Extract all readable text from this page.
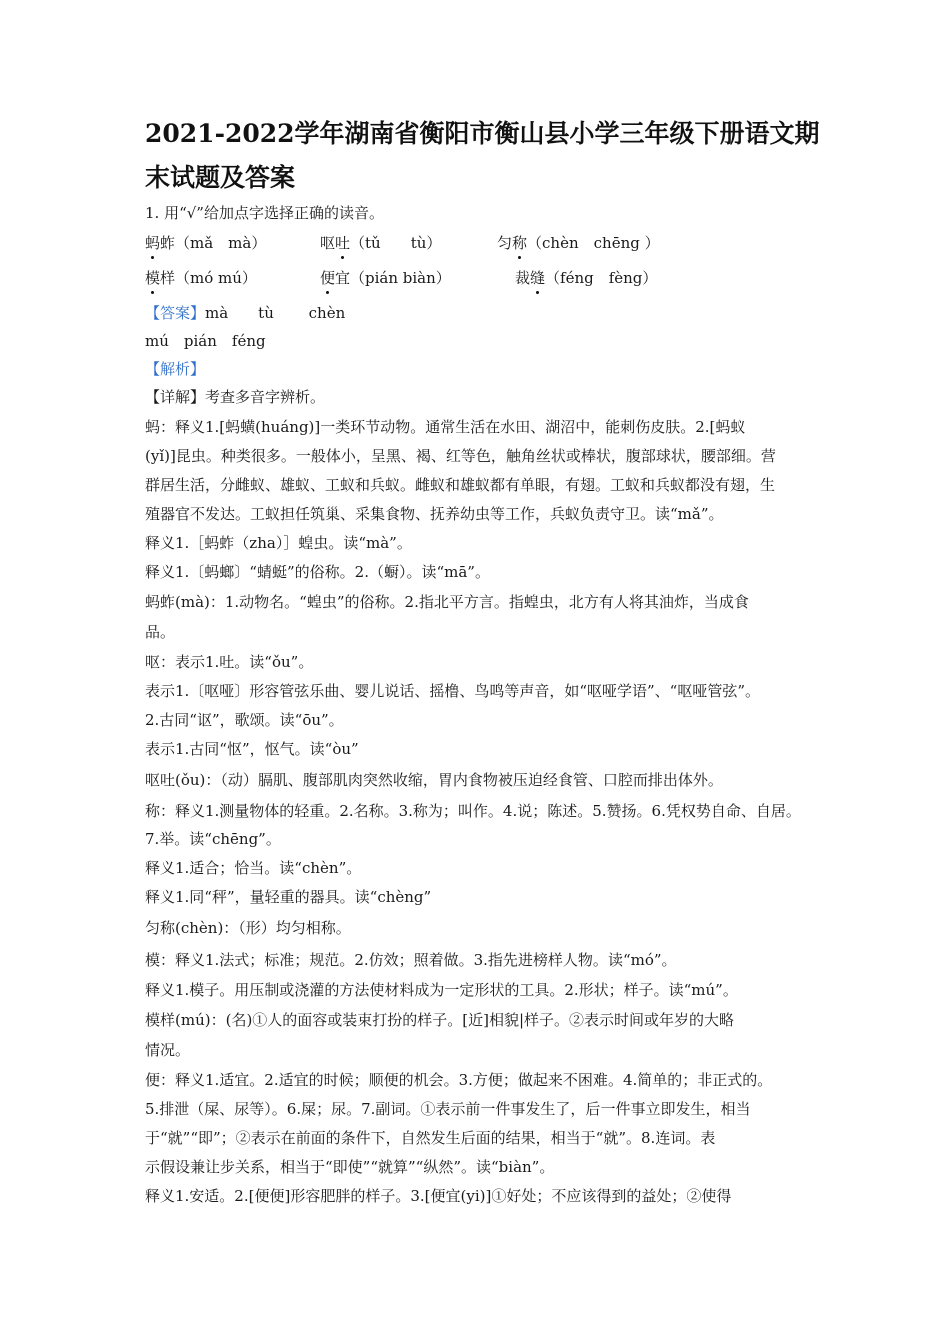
2021-2022学年湖南省衡阳市衡山县小学三年级下册语文期
末试题及答案
1. 用“√”给加点字选择正确的读音。
蚂蚱（mǎ　mà）	呕吐（tǔ　　tù）	匀称（chèn　chēng ）
模样（mó mú）	便宜（pián biàn）	裁缝（féng　fèng）
【答案】mà　　tù　　 chèn
mú　pián　féng
【解析】
【详解】考查多音字辨析。
蚂：释义1.[蚂蟥(huáng)]一类环节动物。通常生活在水田、湖沼中，能刺伤皮肤。2.[蚂蚁
(yǐ)]昆虫。种类很多。一般体小，呈黑、褐、红等色，触角丝状或棒状，腹部球状，腰部细。营
群居生活，分雌蚁、雄蚁、工蚁和兵蚁。雌蚁和雄蚁都有单眼，有翅。工蚁和兵蚁都没有翅，生
殖器官不发达。工蚁担任筑巢、采集食物、抚养幼虫等工作，兵蚁负责守卫。读“mǎ”。
释义1.［蚂蚱（zha）］蝗虫。读“mà”。
释义1.〔蚂螂〕“蜻蜓”的俗称。2.（蟵）。读“mā”。
蚂蚱(mà)：1.动物名。“蝗虫”的俗称。2.指北平方言。指蝗虫，北方有人将其油炸，当成食
品。
呕：表示1.吐。读“ǒu”。
表示1.〔呕哑〕形容管弦乐曲、婴儿说话、摇橹、鸟鸣等声音，如“呕哑学语”、“呕哑管弦”。
2.古同“讴”，歌颂。读“ōu”。
表示1.古同“怄”，怄气。读“òu”
呕吐(ǒu)：（动）膈肌、腹部肌肉突然收缩，胃内食物被压迫经食管、口腔而排出体外。
称：释义1.测量物体的轻重。2.名称。3.称为；叫作。4.说；陈述。5.赞扬。6.凭权势自命、自居。
7.举。读“chēng”。
释义1.适合；恰当。读“chèn”。
释义1.同“秤”，量轻重的器具。读“chèng”
匀称(chèn)：（形）均匀相称。
模：释义1.法式；标准；规范。2.仿效；照着做。3.指先进榜样人物。读“mó”。
释义1.模子。用压制或浇灌的方法使材料成为一定形状的工具。2.形状；样子。读“mú”。
模样(mú)：(名)①人的面容或装束打扮的样子。[近]相貌|样子。②表示时间或年岁的大略
情况。
便：释义1.适宜。2.适宜的时候；顺便的机会。3.方便；做起来不困难。4.简单的；非正式的。
5.排泄（屎、尿等）。6.屎；尿。7.副词。①表示前一件事发生了，后一件事立即发生，相当
于“就”“即”；②表示在前面的条件下，自然发生后面的结果，相当于“就”。8.连词。表
示假设兼让步关系，相当于“即使”“就算”“纵然”。读“biàn”。
释义1.安适。2.[便便]形容肥胖的样子。3.[便宜(yi)]①好处；不应该得到的益处；②使得
